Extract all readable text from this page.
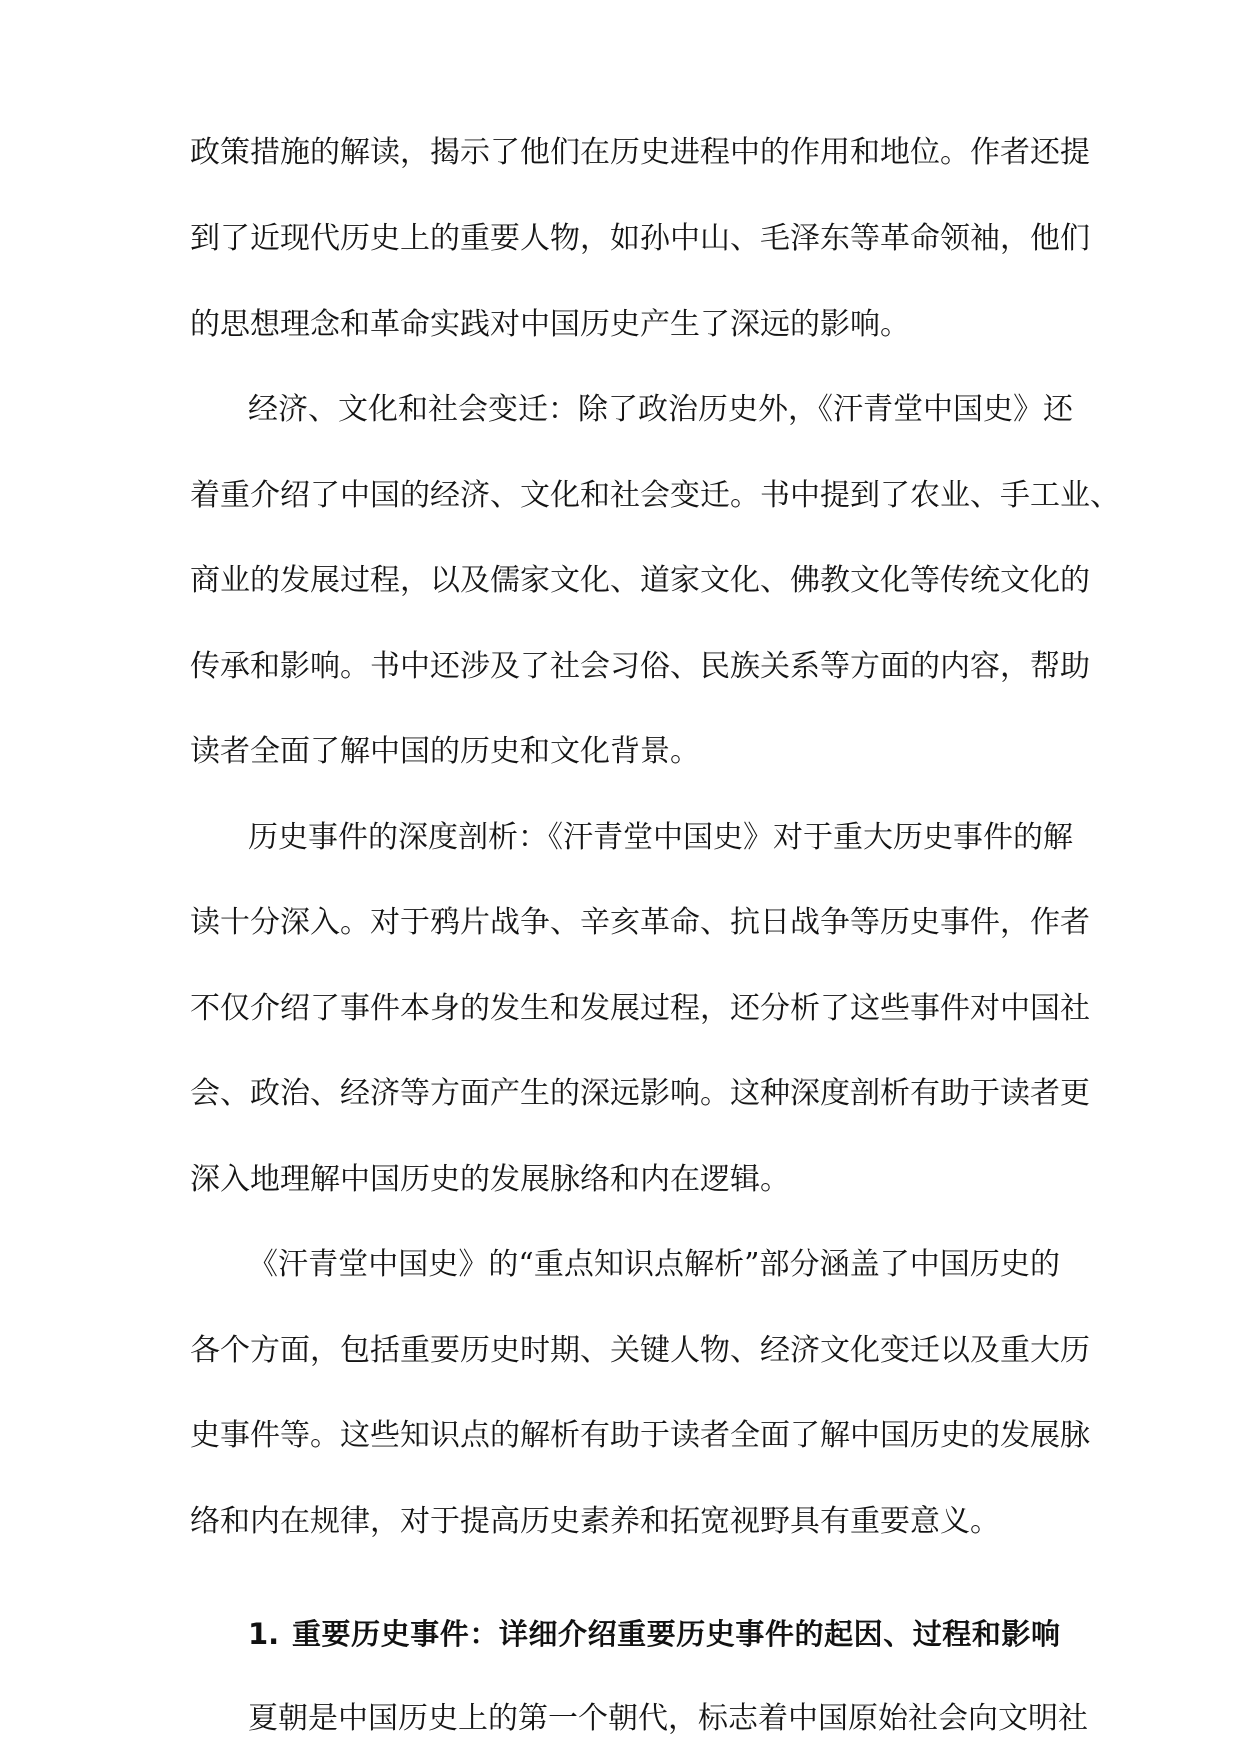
政策措施的解读，揭示了他们在历史进程中的作用和地位。作者还提
到了近现代历史上的重要人物，如孙中山、毛泽东等革命领袖，他们
的思想理念和革命实践对中国历史产生了深远的影响。
经济、文化和社会变迁：除了政治历史外，《汗青堂中国史》还
着重介绍了中国的经济、文化和社会变迁。书中提到了农业、手工业、
商业的发展过程，以及儒家文化、道家文化、佛教文化等传统文化的
传承和影响。书中还涉及了社会习俗、民族关系等方面的内容，帮助
读者全面了解中国的历史和文化背景。
历史事件的深度剖析：《汗青堂中国史》对于重大历史事件的解
读十分深入。对于鸦片战争、辛亥革命、抗日战争等历史事件，作者
不仅介绍了事件本身的发生和发展过程，还分析了这些事件对中国社
会、政治、经济等方面产生的深远影响。这种深度剖析有助于读者更
深入地理解中国历史的发展脉络和内在逻辑。
《汗青堂中国史》的“重点知识点解析”部分涵盖了中国历史的
各个方面，包括重要历史时期、关键人物、经济文化变迁以及重大历
史事件等。这些知识点的解析有助于读者全面了解中国历史的发展脉
络和内在规律，对于提高历史素养和拓宽视野具有重要意义。
1. 重要历史事件：详细介绍重要历史事件的起因、过程和影响
夏朝是中国历史上的第一个朝代，标志着中国原始社会向文明社
